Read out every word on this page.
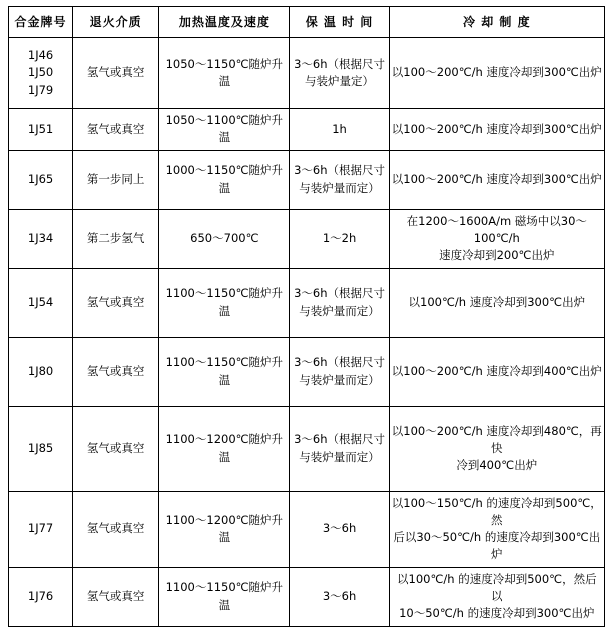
合金牌号	退火介质	加热温度及速度	保 温 时 间	冷 却 制 度

1J46
1J50
1J79	氢气或真空	1050～1150℃随炉升温	3～6h（根据尺寸
与装炉量定）	以100～200℃/h 速度冷却到300℃出炉

1J51	氢气或真空	1050～1100℃随炉升温	1h	以100～200℃/h 速度冷却到300℃出炉

1J65	第一步同上	1000～1150℃随炉升温	3～6h（根据尺寸
与装炉量而定）	以100～200℃/h 速度冷却到300℃出炉

1J34	第二步氢气	650～700℃	1～2h	在1200～1600A/m 磁场中以30～100℃/h
速度冷却到200℃出炉

1J54	氢气或真空	1100～1150℃随炉升温	3～6h（根据尺寸
与装炉量而定）	以100℃/h 速度冷却到300℃出炉

1J80	氢气或真空	1100～1150℃随炉升温	3～6h（根据尺寸
与装炉量而定）	以100～200℃/h 速度冷却到400℃出炉

1J85	氢气或真空	1100～1200℃随炉升温	3～6h（根据尺寸
与装炉量而定）	以100～200℃/h 速度冷却到480℃，再快
冷到400℃出炉

1J77	氢气或真空	1100～1200℃随炉升温	3～6h	以100～150℃/h 的速度冷却到500℃，然
后以30～50℃/h 的速度冷却到300℃出炉

1J76	氢气或真空	1100～1150℃随炉升温	3～6h	以100℃/h 的速度冷却到500℃，然后以
10～50℃/h 的速度冷却到300℃出炉
